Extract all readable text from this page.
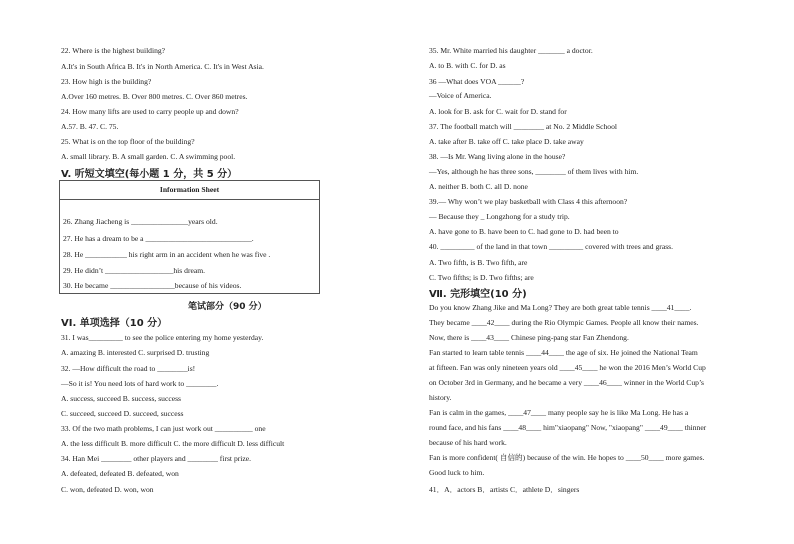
22. Where is the highest building?
A.It's in South Africa B. It's in North America. C. It's in West Asia.
23. How high is the building?
A.Over 160 metres. B. Over 800 metres. C. Over 860 metres.
24. How many lifts are used to carry people up and down?
A.57. B. 47. C. 75.
25. What is on the top floor of the building?
A. small library. B. A small garden. C. A swimming pool.
V. 听短文填空(每小题 1 分，共 5 分）
Information Sheet
26. Zhang Jiacheng is _______________years old.
27. He has a dream to be a ____________________________.
28. He ___________ his right arm in an accident when he was five .
29. He didn’t __________________his dream.
30. He became _________________because of his videos.
笔试部分（90 分）
VI. 单项选择（10 分）
31. I was_________ to see the police entering my home yesterday.
A. amazing B. interested C. surprised D. trusting
32. —How difficult the road to ________is!
—So it is! You need lots of hard work to ________.
A. success, succeed B. success, success
C. succeed, succeed D. succeed, success
33. Of the two math problems, I can just work out __________ one
A. the less difficult B. more difficult C. the more difficult D. less difficult
34. Han Mei ________ other players and ________ first prize.
A. defeated, defeated B. defeated, won
C. won, defeated D. won, won
35. Mr. White married his daughter _______ a doctor.
A. to B. with C. for D. as
36 —What does VOA ______?
—Voice of America.
A. look for B. ask for C. wait for D. stand for
37. The football match will ________ at No. 2 Middle School
A. take after B. take off C. take place D. take away
38. —Is Mr. Wang living alone in the house?
—Yes, although he has three sons, ________ of them lives with him.
A. neither B. both C. all D. none
39.— Why won’t we play basketball with Class 4 this afternoon?
— Because they _ Longzhong for a study trip.
A. have gone to B. have been to C. had gone to D. had been to
40. _________ of the land in that town _________ covered with trees and grass.
A. Two fifth, is B. Two fifth, are
C. Two fifths; is D. Two fifths; are
Ⅶ. 完形填空(10 分)
Do you know Zhang Jike and Ma Long? They are both great table tennis ____41____.
They became ____42____ during the Rio Olympic Games. People all know their names.
Now, there is ____43____ Chinese ping-pang star Fan Zhendong.
Fan started to learn table tennis ____44____ the age of six. He joined the National Team
at fifteen. Fan was only nineteen years old ____45____ he won the 2016 Men’s World Cup
on October 3rd in Germany, and he became a very ____46____ winner in the World Cup’s
history.
Fan is calm in the games, ____47____ many people say he is like Ma Long. He has a
round face, and his fans ____48____ him"xiaopang" Now, "xiaopang" ____49____ thinner
because of his hard work.
Fan is more confident( 自信的) because of the win. He hopes to ____50____ more games.
Good luck to him.
41．A．actors B．artists C．athlete D．singers
